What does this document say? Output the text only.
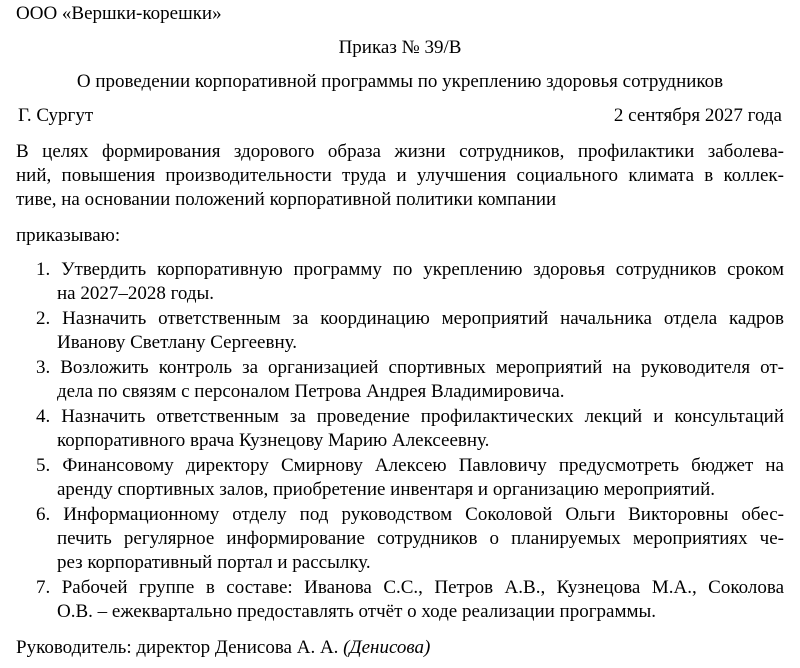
ООО «Вершки-корешки»
Приказ № 39/В
О проведении корпоративной программы по укреплению здоровья сотрудников
Г. Сургут	2 сентября 2027 года
В целях формирования здорового образа жизни сотрудников, профилактики заболева-
ний, повышения производительности труда и улучшения социального климата в коллек-
тиве, на основании положений корпоративной политики компании
приказываю:
1. Утвердить корпоративную программу по укреплению здоровья сотрудников сроком
на 2027–2028 годы.
2. Назначить ответственным за координацию мероприятий начальника отдела кадров
Иванову Светлану Сергеевну.
3. Возложить контроль за организацией спортивных мероприятий на руководителя от-
дела по связям с персоналом Петрова Андрея Владимировича.
4. Назначить ответственным за проведение профилактических лекций и консультаций
корпоративного врача Кузнецову Марию Алексеевну.
5. Финансовому директору Смирнову Алексею Павловичу предусмотреть бюджет на
аренду спортивных залов, приобретение инвентаря и организацию мероприятий.
6. Информационному отделу под руководством Соколовой Ольги Викторовны обес-
печить регулярное информирование сотрудников о планируемых мероприятиях че-
рез корпоративный портал и рассылку.
7. Рабочей группе в составе: Иванова С.С., Петров А.В., Кузнецова М.А., Соколова
О.В. – ежеквартально предоставлять отчёт о ходе реализации программы.
Руководитель: директор Денисова А. А. (Денисова)
